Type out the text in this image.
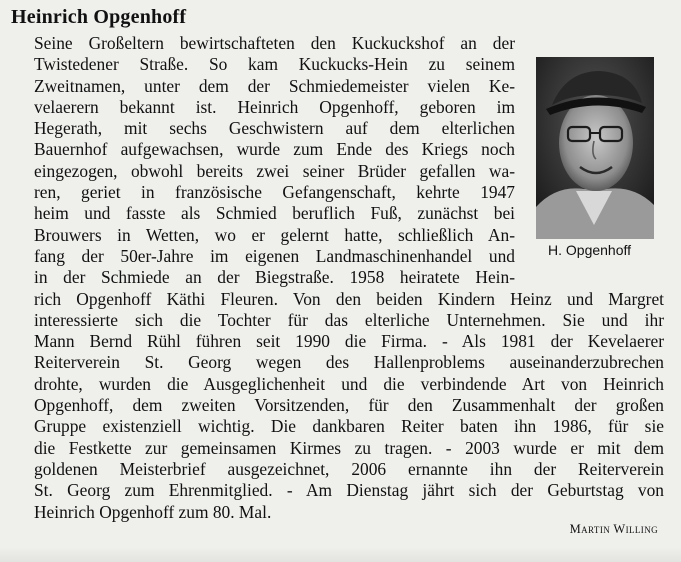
Heinrich Opgenhoff
H. Opgenhoff
Seine Großeltern bewirtschafteten den Kuckuckshof an der
Twistedener Straße. So kam Kuckucks-Hein zu seinem
Zweitnamen, unter dem der Schmiedemeister vielen Ke-
velaerern bekannt ist. Heinrich Opgenhoff, geboren im
Hegerath, mit sechs Geschwistern auf dem elterlichen
Bauernhof aufgewachsen, wurde zum Ende des Kriegs noch
eingezogen, obwohl bereits zwei seiner Brüder gefallen wa-
ren, geriet in französische Gefangenschaft, kehrte 1947
heim und fasste als Schmied beruflich Fuß, zunächst bei
Brouwers in Wetten, wo er gelernt hatte, schließlich An-
fang der 50er-Jahre im eigenen Landmaschinenhandel und
in der Schmiede an der Biegstraße. 1958 heiratete Hein-
rich Opgenhoff Käthi Fleuren. Von den beiden Kindern Heinz und Margret
interessierte sich die Tochter für das elterliche Unternehmen. Sie und ihr
Mann Bernd Rühl führen seit 1990 die Firma. - Als 1981 der Kevelaerer
Reiterverein St. Georg wegen des Hallenproblems auseinanderzubrechen
drohte, wurden die Ausgeglichenheit und die verbindende Art von Heinrich
Opgenhoff, dem zweiten Vorsitzenden, für den Zusammenhalt der großen
Gruppe existenziell wichtig. Die dankbaren Reiter baten ihn 1986, für sie
die Festkette zur gemeinsamen Kirmes zu tragen. - 2003 wurde er mit dem
goldenen Meisterbrief ausgezeichnet, 2006 ernannte ihn der Reiterverein
St. Georg zum Ehrenmitglied. - Am Dienstag jährt sich der Geburtstag von
Heinrich Opgenhoff zum 80. Mal.
Martin Willing
